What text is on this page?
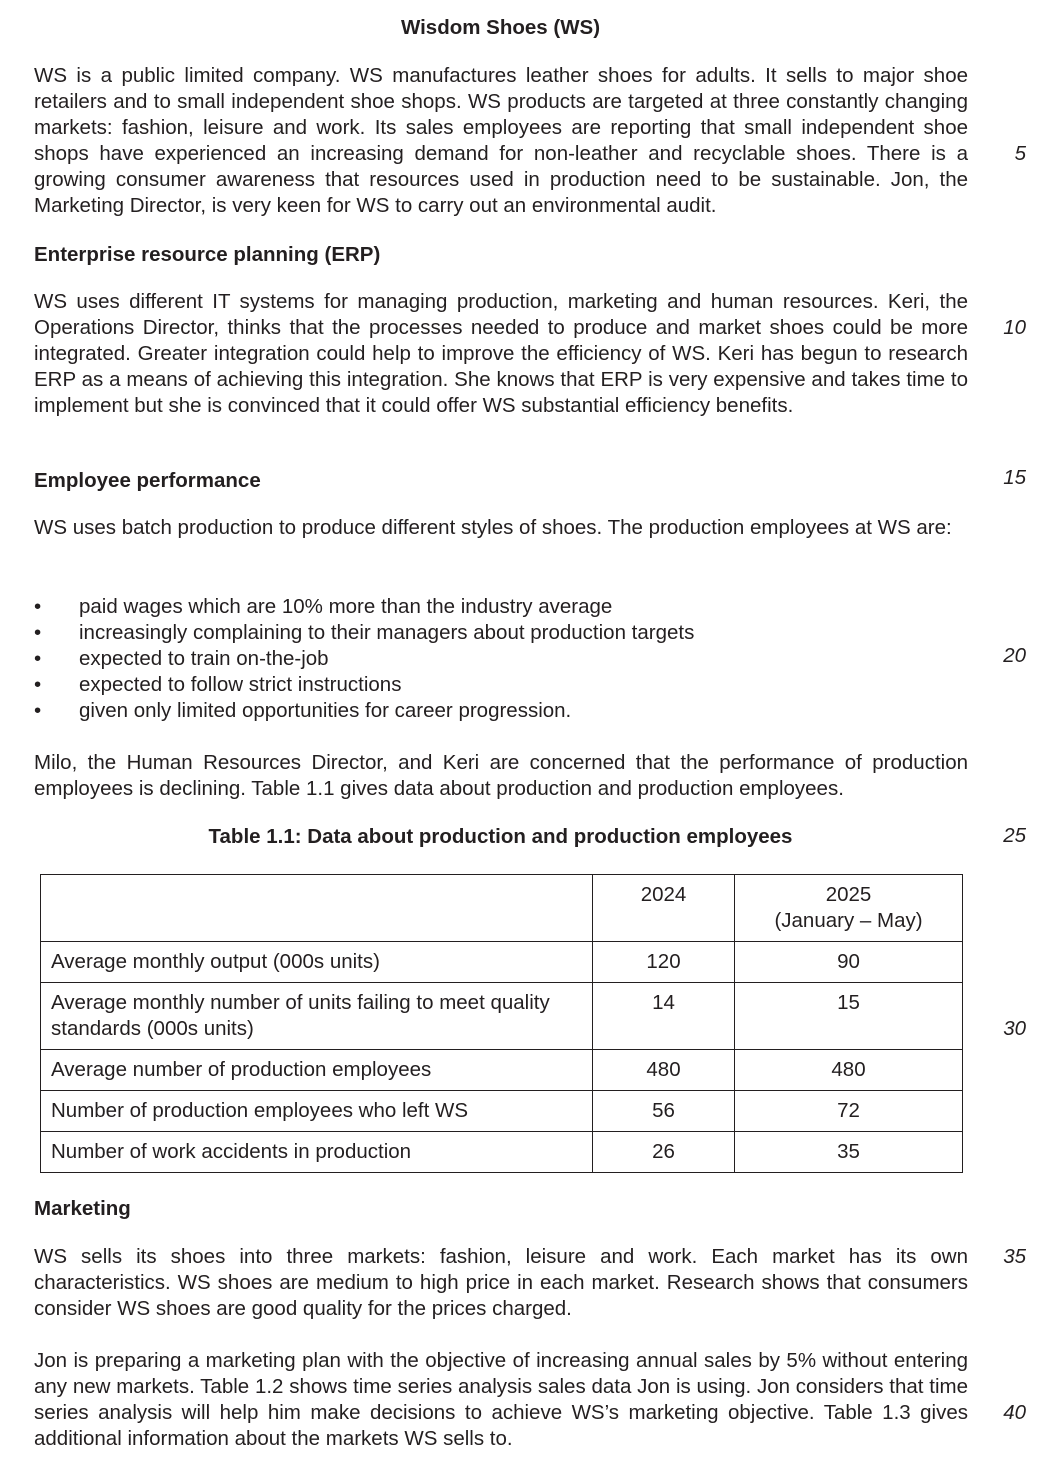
Wisdom Shoes (WS)

WS is a public limited company. WS manufactures leather shoes for adults. It sells to major shoe retailers and to small independent shoe shops. WS products are targeted at three constantly changing markets: fashion, leisure and work. Its sales employees are reporting that small independent shoe shops have experienced an increasing demand for non-leather and recyclable shoes. There is a growing consumer awareness that resources used in production need to be sustainable. Jon, the Marketing Director, is very keen for WS to carry out an environmental audit.

Enterprise resource planning (ERP)

WS uses different IT systems for managing production, marketing and human resources. Keri, the Operations Director, thinks that the processes needed to produce and market shoes could be more integrated. Greater integration could help to improve the efficiency of WS. Keri has begun to research ERP as a means of achieving this integration. She knows that ERP is very expensive and takes time to implement but she is convinced that it could offer WS substantial efficiency benefits.

Employee performance

WS uses batch production to produce different styles of shoes. The production employees at WS are:

• paid wages which are 10% more than the industry average
• increasingly complaining to their managers about production targets
• expected to train on-the-job
• expected to follow strict instructions
• given only limited opportunities for career progression.

Milo, the Human Resources Director, and Keri are concerned that the performance of production employees is declining. Table 1.1 gives data about production and production employees.

Table 1.1: Data about production and production employees

	2024	2025
(January – May)

Average monthly output (000s units)	120	90
Average monthly number of units failing to meet quality standards (000s units)	14	15
Average number of production employees	480	480
Number of production employees who left WS	56	72
Number of work accidents in production	26	35
Marketing

WS sells its shoes into three markets: fashion, leisure and work. Each market has its own characteristics. WS shoes are medium to high price in each market. Research shows that consumers consider WS shoes are good quality for the prices charged.

Jon is preparing a marketing plan with the objective of increasing annual sales by 5% without entering any new markets. Table 1.2 shows time series analysis sales data Jon is using. Jon considers that time series analysis will help him make decisions to achieve WS’s marketing objective. Table 1.3 gives additional information about the markets WS sells to.

5

10

15

20

25

30

35

40
